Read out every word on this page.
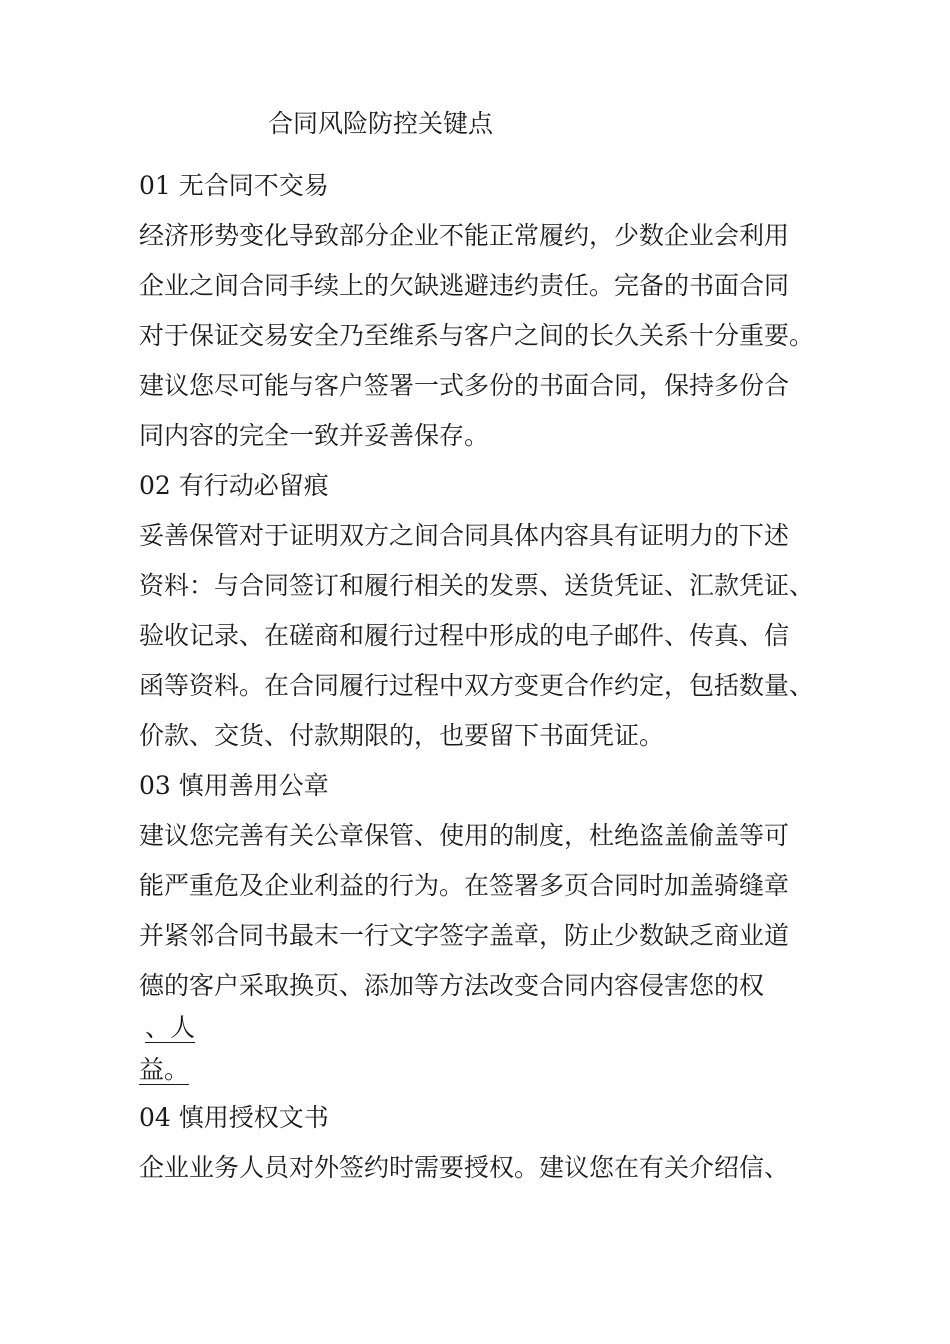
合同风险防控关键点

01 无合同不交易

经济形势变化导致部分企业不能正常履约，少数企业会利用

企业之间合同手续上的欠缺逃避违约责任。完备的书面合同

对于保证交易安全乃至维系与客户之间的长久关系十分重要。

建议您尽可能与客户签署一式多份的书面合同，保持多份合

同内容的完全一致并妥善保存。

02 有行动必留痕

妥善保管对于证明双方之间合同具体内容具有证明力的下述

资料：与合同签订和履行相关的发票、送货凭证、汇款凭证、

验收记录、在磋商和履行过程中形成的电子邮件、传真、信

函等资料。在合同履行过程中双方变更合作约定，包括数量、

价款、交货、付款期限的，也要留下书面凭证。

03 慎用善用公章

建议您完善有关公章保管、使用的制度，杜绝盗盖偷盖等可

能严重危及企业利益的行为。在签署多页合同时加盖骑缝章

并紧邻合同书最末一行文字签字盖章，防止少数缺乏商业道

德的客户采取换页、添加等方法改变合同内容侵害您的权

、人

益。

04 慎用授权文书

企业业务人员对外签约时需要授权。建议您在有关介绍信、
